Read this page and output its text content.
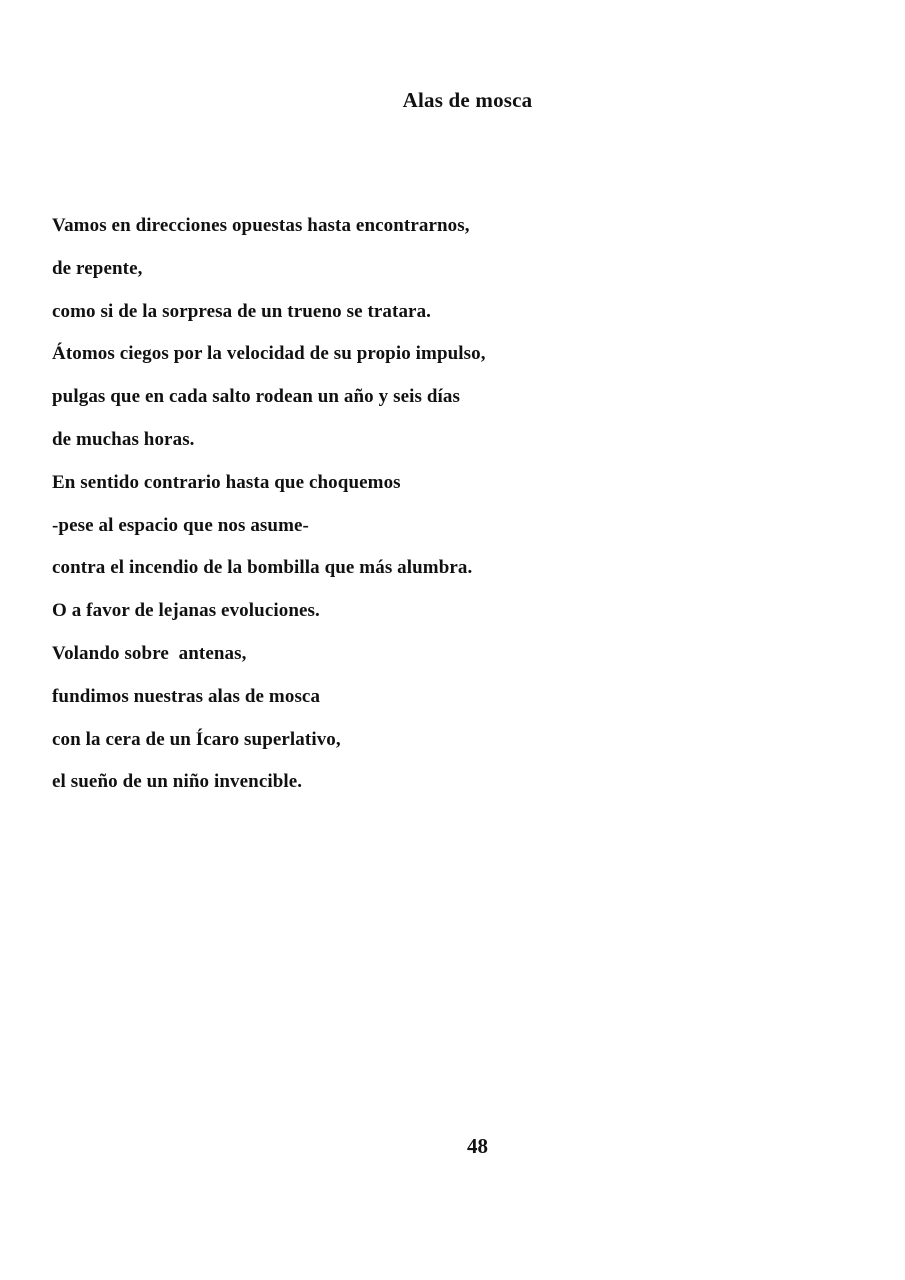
Alas de mosca
Vamos en direcciones opuestas hasta encontrarnos,
de repente,
como si de la sorpresa de un trueno se tratara.
Átomos ciegos por la velocidad de su propio impulso,
pulgas que en cada salto rodean un año y seis días
de muchas horas.
En sentido contrario hasta que choquemos
-pese al espacio que nos asume-
contra el incendio de la bombilla que más alumbra.
O a favor de lejanas evoluciones.
Volando sobre  antenas,
fundimos nuestras alas de mosca
con la cera de un Ícaro superlativo,
el sueño de un niño invencible.
48
